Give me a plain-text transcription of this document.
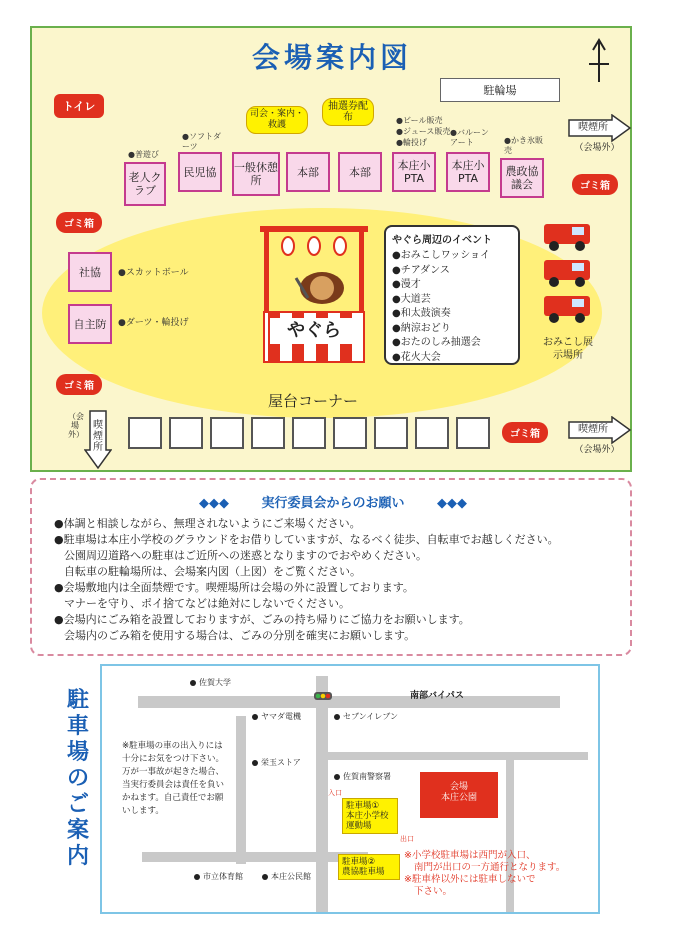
会場案内図
トイレ
駐輪場
老人クラブ
民児協	一般休憩所
本部	本部	本庄小PTA
本庄小PTA
農政協議会
社協
自主防
●普遊び
●ソフトダーツ
●ビール販売
●ジュース販売
●輪投げ
●バルーンアート	●かき氷販売
●スカットボール
●ダーツ・輪投げ
司会・案内・救護
抽選券配布
ゴミ箱
ゴミ箱
ゴミ箱
ゴミ箱
喫煙所
（会場外）
喫煙所
（会場外）
喫煙所
（会場外）
やぐら
やぐら周辺のイベント
●おみこしワッショイ
●チアダンス
●漫才
●大道芸
●和太鼓演奏
●納涼おどり
●おたのしみ抽選会
●花火大会
おみこし展示場所
屋台コーナー
◆◆◆	実行委員会からのお願い	◆◆◆
●体調と相談しながら、無理されないようにご来場ください。
●駐車場は本庄小学校のグラウンドをお借りしていますが、なるべく徒歩、自転車でお越しください。
公園周辺道路への駐車はご近所への迷惑となりますのでおやめください。
自転車の駐輪場所は、会場案内図（上図）をご覧ください。
●会場敷地内は全面禁煙です。喫煙場所は会場の外に設置しております。
マナーを守り、ポイ捨てなどは絶対にしないでください。
●会場内にごみ箱を設置しておりますが、ごみの持ち帰りにご協力をお願いします。
会場内のごみ箱を使用する場合は、ごみの分別を確実にお願いします。
駐車場のご案内
佐賀大学
南部バイパス
ヤマダ電機	セブンイレブン
栄玉ストア
佐賀南警察署
市立体育館	本庄公民館
会場
本庄公園
駐車場①
本庄小学校
運動場
駐車場②
農協駐車場
入口
出口
※駐車場の車の出入りには十分にお気をつけ下さい。万が一事故が起きた場合、当実行委員会は責任を負いかねます。自己責任でお願いします。
※小学校駐車場は西門が入口、
南門が出口の一方通行となります。
※駐車枠以外には駐車しないで
下さい。
